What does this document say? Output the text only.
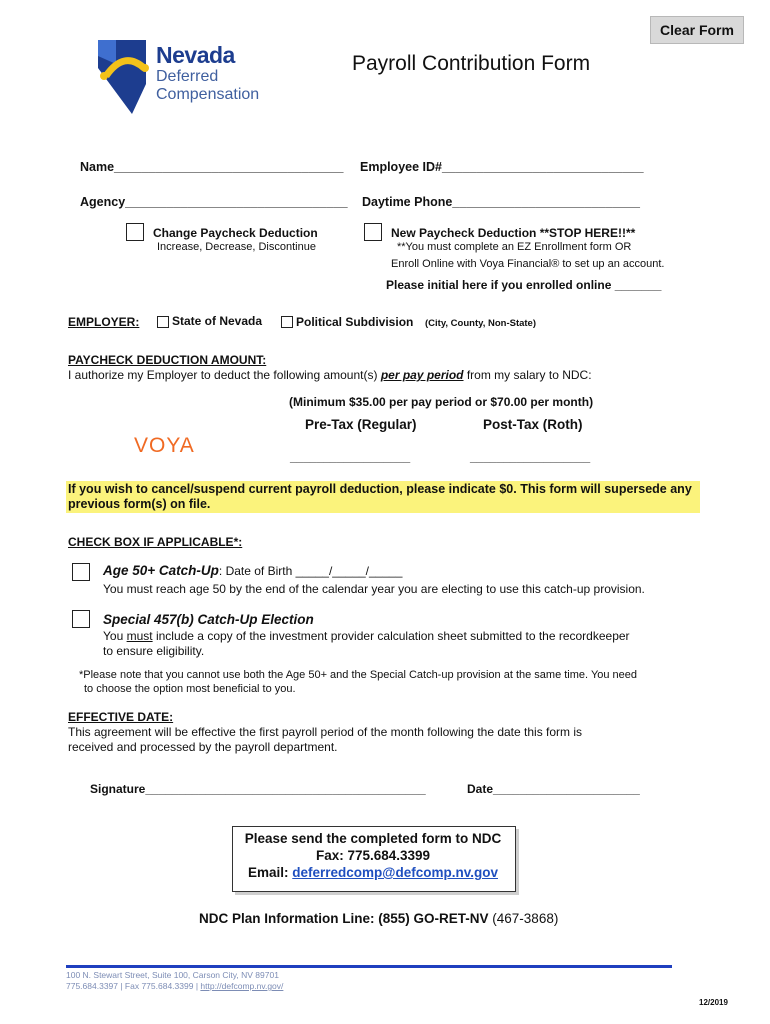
Clear Form
Nevada
Deferred
Compensation
Payroll Contribution Form
Name_________________________________ Employee ID#_____________________________
Agency________________________________ Daytime Phone___________________________
Change Paycheck Deduction
Increase, Decrease, Discontinue
New Paycheck Deduction **STOP HERE!!**
**You must complete an EZ Enrollment form OR
Enroll Online with Voya Financial® to set up an account.
Please initial here if you enrolled online _______
EMPLOYER:	State of Nevada	Political Subdivision (City, County, Non-State)
PAYCHECK DEDUCTION AMOUNT:
I authorize my Employer to deduct the following amount(s) per pay period from my salary to NDC:
(Minimum $35.00 per pay period or $70.00 per month)
Pre-Tax (Regular)	Post-Tax (Roth)
VOYA	__________________	__________________
If you wish to cancel/suspend current payroll deduction, please indicate $0. This form will supersede any
previous form(s) on file.
CHECK BOX IF APPLICABLE*:
Age 50+ Catch-Up: Date of Birth _____/_____/_____
You must reach age 50 by the end of the calendar year you are electing to use this catch-up provision.
Special 457(b) Catch-Up Election
You must include a copy of the investment provider calculation sheet submitted to the recordkeeper
to ensure eligibility.
*Please note that you cannot use both the Age 50+ and the Special Catch-up provision at the same time. You need
to choose the option most beneficial to you.
EFFECTIVE DATE:
This agreement will be effective the first payroll period of the month following the date this form is
received and processed by the payroll department.
Signature__________________________________________	Date______________________
Please send the completed form to NDC
Fax: 775.684.3399
Email: deferredcomp@defcomp.nv.gov
NDC Plan Information Line: (855) GO-RET-NV (467-3868)
100 N. Stewart Street, Suite 100, Carson City, NV 89701
775.684.3397 | Fax 775.684.3399 | http://defcomp.nv.gov/
12/2019
